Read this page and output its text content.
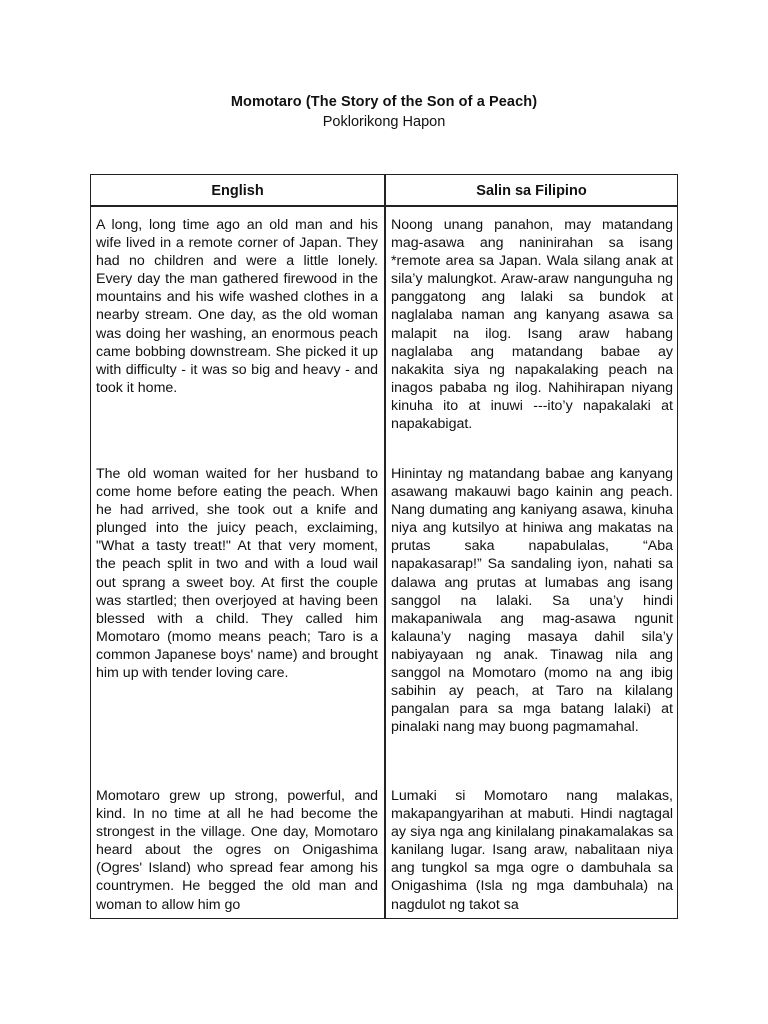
Momotaro (The Story of the Son of a Peach)
Poklorikong Hapon
English	Salin sa Filipino
A long, long time ago an old man and his wife lived in a remote corner of Japan. They had no children and were a little lonely. Every day the man gathered firewood in the mountains and his wife washed clothes in a nearby stream. One day, as the old woman was doing her washing, an enormous peach came bobbing downstream. She picked it up with difficulty - it was so big and heavy - and took it home.
Noong unang panahon, may matandang mag-asawa ang naninirahan sa isang *remote area sa Japan. Wala silang anak at sila’y malungkot. Araw-araw nangunguha ng panggatong ang lalaki sa bundok at naglalaba naman ang kanyang asawa sa malapit na ilog. Isang araw habang naglalaba ang matandang babae ay nakakita siya ng napakalaking peach na inagos pababa ng ilog. Nahihirapan niyang kinuha ito at inuwi ---ito’y napakalaki at napakabigat.
The old woman waited for her husband to come home before eating the peach. When he had arrived, she took out a knife and plunged into the juicy peach, exclaiming, "What a tasty treat!" At that very moment, the peach split in two and with a loud wail out sprang a sweet boy. At first the couple was startled; then overjoyed at having been blessed with a child. They called him Momotaro (momo means peach; Taro is a common Japanese boys' name) and brought him up with tender loving care.
Hinintay ng matandang babae ang kanyang asawang makauwi bago kainin ang peach. Nang dumating ang kaniyang asawa, kinuha niya ang kutsilyo at hiniwa ang makatas na prutas saka napabulalas, “Aba napakasarap!” Sa sandaling iyon, nahati sa dalawa ang prutas at lumabas ang isang sanggol na lalaki. Sa una’y hindi makapaniwala ang mag-asawa ngunit kalauna’y naging masaya dahil sila’y nabiyayaan ng anak. Tinawag nila ang sanggol na Momotaro (momo na ang ibig sabihin ay peach, at Taro na kilalang pangalan para sa mga batang lalaki) at pinalaki nang may buong pagmamahal.
Momotaro grew up strong, powerful, and kind. In no time at all he had become the strongest in the village. One day, Momotaro heard about the ogres on Onigashima (Ogres' Island) who spread fear among his countrymen. He begged the old man and woman to allow him go
Lumaki si Momotaro nang malakas, makapangyarihan at mabuti. Hindi nagtagal ay siya nga ang kinilalang pinakamalakas sa kanilang lugar. Isang araw, nabalitaan niya ang tungkol sa mga ogre o dambuhala sa Onigashima (Isla ng mga dambuhala) na nagdulot ng takot sa
